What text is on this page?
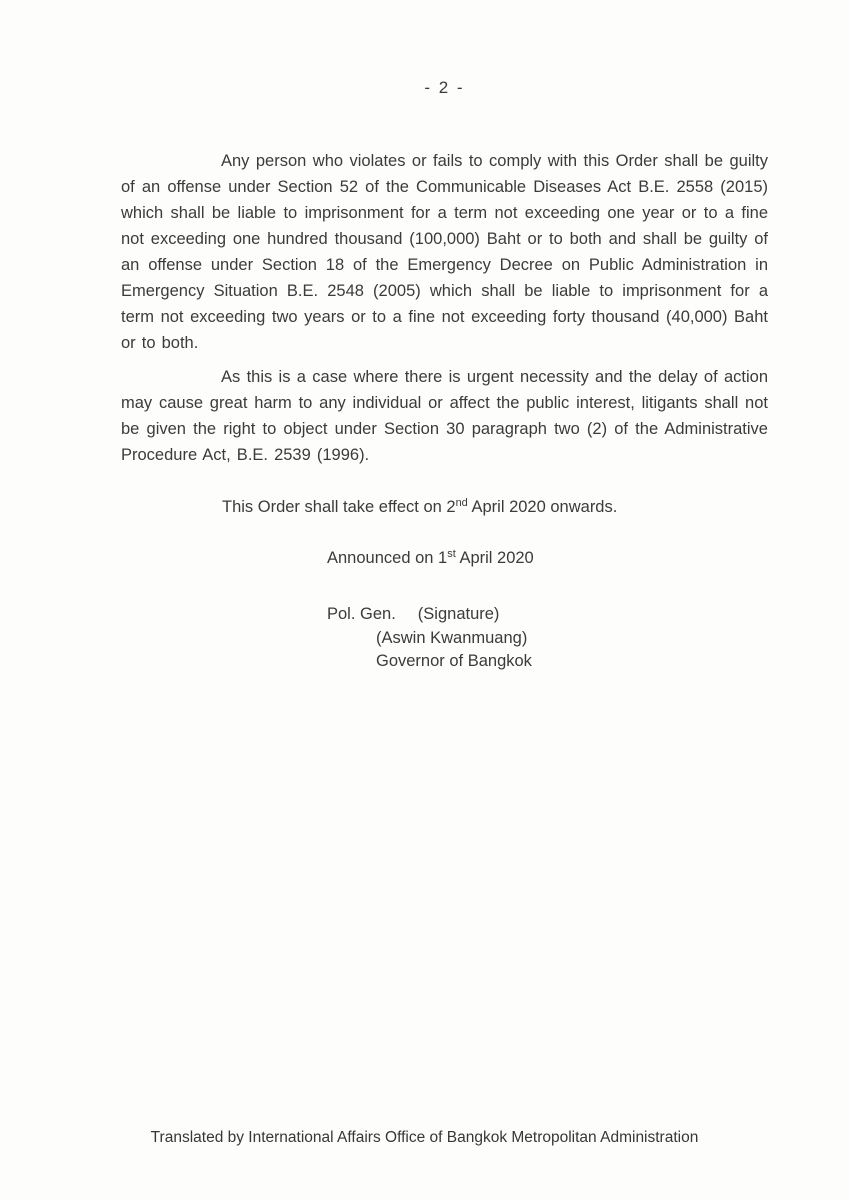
- 2 -

Any person who violates or fails to comply with this Order shall be guilty of an offense under Section 52 of the Communicable Diseases Act B.E. 2558 (2015) which shall be liable to imprisonment for a term not exceeding one year or to a fine not exceeding one hundred thousand (100,000) Baht or to both and shall be guilty of an offense under Section 18 of the Emergency Decree on Public Administration in Emergency Situation B.E. 2548 (2005) which shall be liable to imprisonment for a term not exceeding two years or to a fine not exceeding forty thousand (40,000) Baht or to both.

As this is a case where there is urgent necessity and the delay of action may cause great harm to any individual or affect the public interest, litigants shall not be given the right to object under Section 30 paragraph two (2) of the Administrative Procedure Act, B.E. 2539 (1996).

This Order shall take effect on 2nd April 2020 onwards.
Announced on 1st April 2020
Pol. Gen. (Signature)
(Aswin Kwanmuang)
Governor of Bangkok
Translated by International Affairs Office of Bangkok Metropolitan Administration
